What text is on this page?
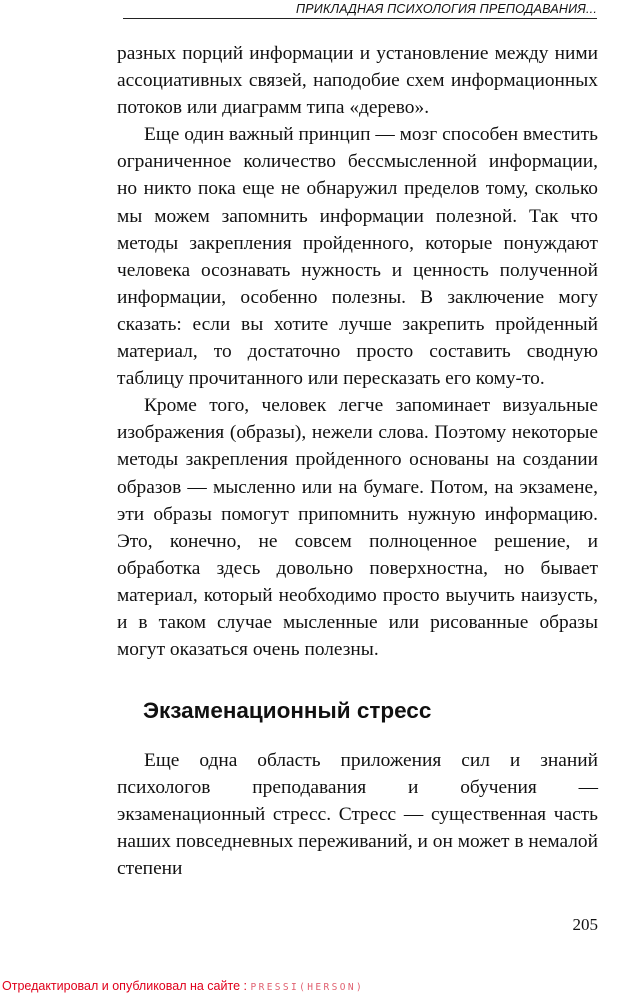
ПРИКЛАДНАЯ ПСИХОЛОГИЯ ПРЕПОДАВАНИЯ...

разных порций информации и установление между ними ассоциативных связей, наподобие схем информационных потоков или диаграмм типа «дерево».

Еще один важный принцип — мозг способен вместить ограниченное количество бессмысленной информации, но никто пока еще не обнаружил пределов тому, сколько мы можем запомнить информации полезной. Так что методы закрепления пройденного, которые понуждают человека осознавать нужность и ценность полученной информации, особенно полезны. В заключение могу сказать: если вы хотите лучше закрепить пройденный материал, то достаточно просто составить сводную таблицу прочитанного или пересказать его кому-то.

Кроме того, человек легче запоминает визуальные изображения (образы), нежели слова. Поэтому некоторые методы закрепления пройденного основаны на создании образов — мысленно или на бумаге. Потом, на экзамене, эти образы помогут припомнить нужную информацию. Это, конечно, не совсем полноценное решение, и обработка здесь довольно поверхностна, но бывает материал, который необходимо просто выучить наизусть, и в таком случае мысленные или рисованные образы могут оказаться очень полезны.

Экзаменационный стресс

Еще одна область приложения сил и знаний психологов преподавания и обучения — экзаменационный стресс. Стресс — существенная часть наших повседневных переживаний, и он может в немалой степени

205
Отредактировал и опубликовал на сайте : PRESSI(HERSON)
